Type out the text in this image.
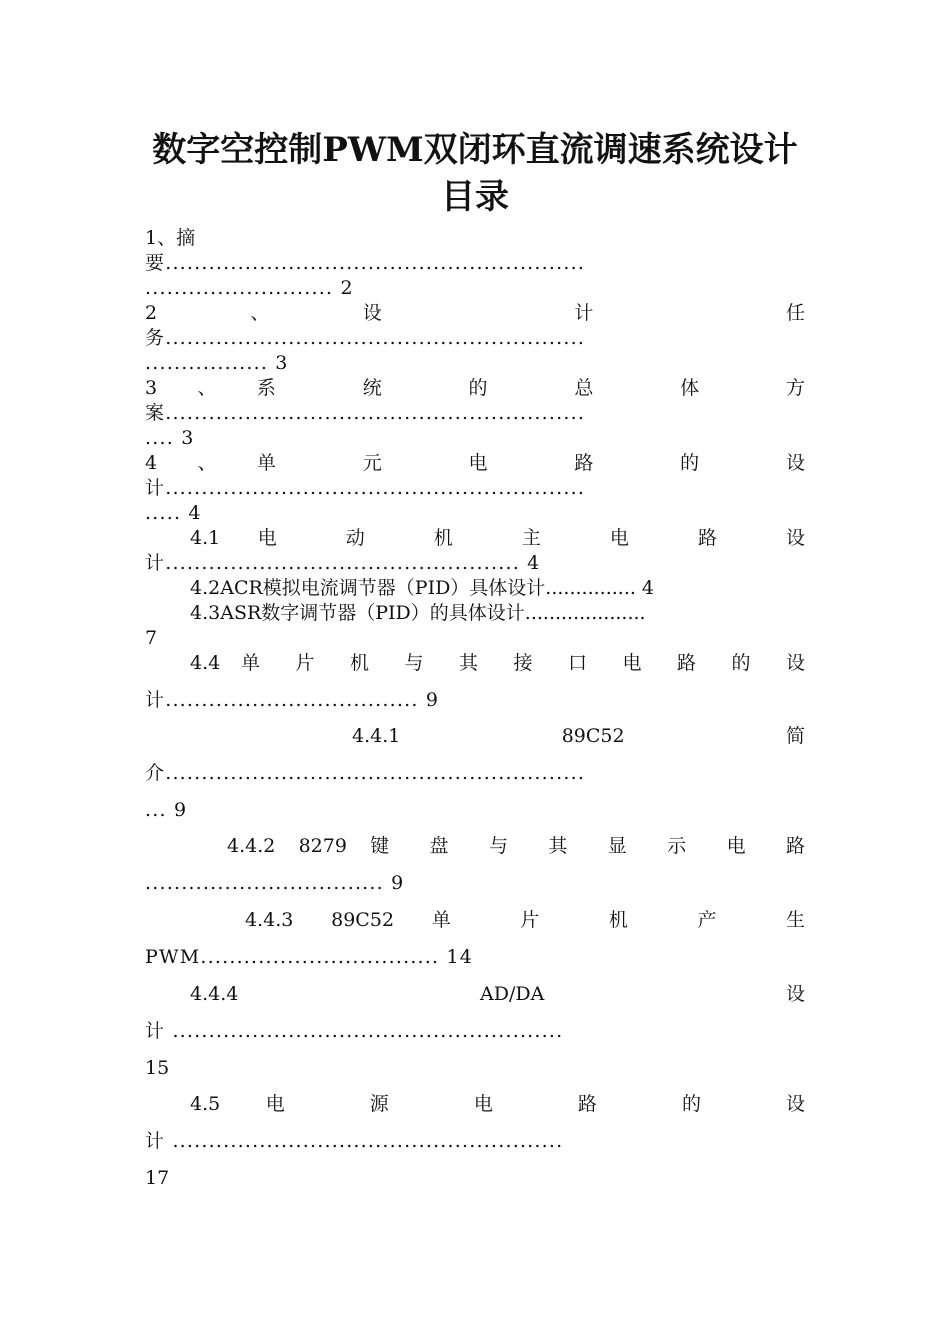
数字空控制PWM双闭环直流调速系统设计
目录

1、摘

要..........................................................

.......................... 2

2、设 计 任

务..........................................................

................. 3

3、系 统 的 总 体 方

案..........................................................

.... 3

4、单 元 电 路 的 设

计..........................................................

..... 4

4.1 电 动 机 主 电 路 设

计................................................. 4

4.2ACR模拟电流调节器（PID）具体设计............... 4

4.3ASR数字调节器（PID）的具体设计....................

7

4.4 单 片 机 与 其 接 口 电 路 的 设

计................................... 9

4.4.1 89C52 简

介..........................................................

... 9

4.4.2 8279 键 盘 与 其 显 示 电 路

................................. 9

4.4.3 89C52 单 片 机 产 生

PWM................................. 14

4.4.4 AD/DA 设

计 ......................................................

15

4.5 电 源 电 路 的 设

计 ......................................................

17
